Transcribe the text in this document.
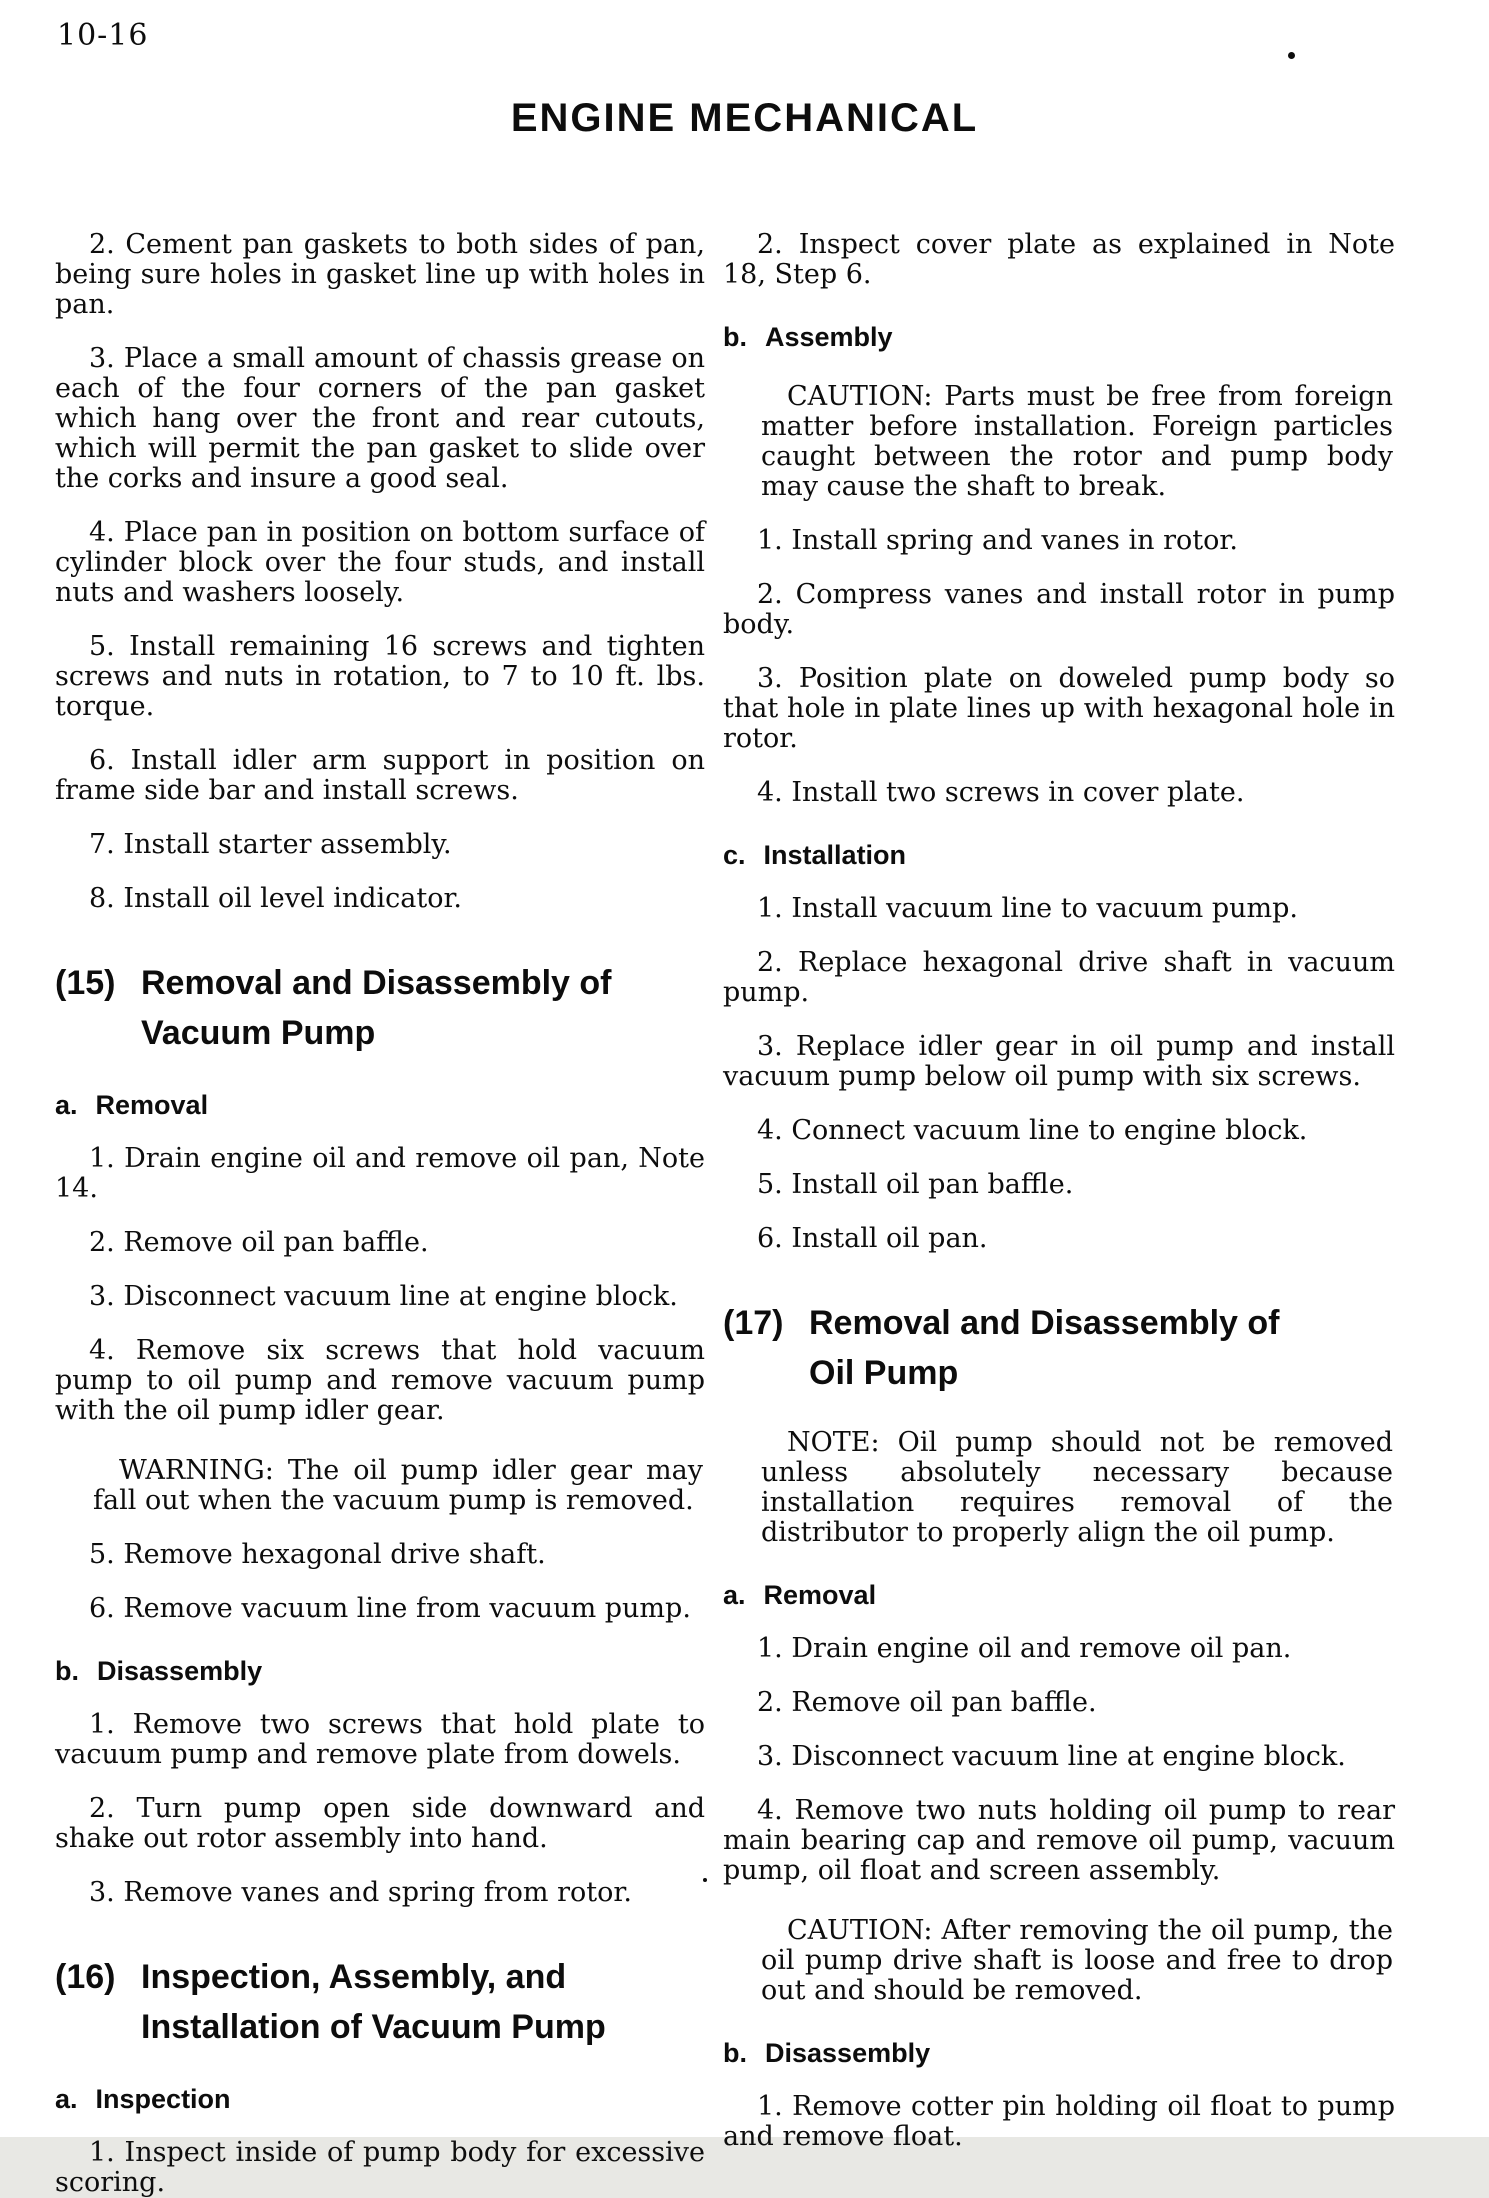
10-16
ENGINE MECHANICAL

2. Cement pan gaskets to both sides of pan, being sure holes in gasket line up with holes in pan.

3. Place a small amount of chassis grease on each of the four corners of the pan gasket which hang over the front and rear cutouts, which will permit the pan gasket to slide over the corks and insure a good seal.

4. Place pan in position on bottom surface of cylinder block over the four studs, and install nuts and washers loosely.

5. Install remaining 16 screws and tighten screws and nuts in rotation, to 7 to 10 ft. lbs. torque.

6. Install idler arm support in position on frame side bar and install screws.

7. Install starter assembly.

8. Install oil level indicator.

(15) Removal and Disassembly of
Vacuum Pump
a. Removal

1. Drain engine oil and remove oil pan, Note 14.

2. Remove oil pan baffle.

3. Disconnect vacuum line at engine block.

4. Remove six screws that hold vacuum pump to oil pump and remove vacuum pump with the oil pump idler gear.

WARNING: The oil pump idler gear may fall out when the vacuum pump is removed.

5. Remove hexagonal drive shaft.

6. Remove vacuum line from vacuum pump.

b. Disassembly

1. Remove two screws that hold plate to vacuum pump and remove plate from dowels.

2. Turn pump open side downward and shake out rotor assembly into hand.

3. Remove vanes and spring from rotor.

(16) Inspection, Assembly, and
Installation of Vacuum Pump
a. Inspection

1. Inspect inside of pump body for excessive scoring.

2. Inspect cover plate as explained in Note 18, Step 6.

b. Assembly

CAUTION: Parts must be free from foreign matter before installation. Foreign particles caught between the rotor and pump body may cause the shaft to break.

1. Install spring and vanes in rotor.

2. Compress vanes and install rotor in pump body.

3. Position plate on doweled pump body so that hole in plate lines up with hexagonal hole in rotor.

4. Install two screws in cover plate.

c. Installation

1. Install vacuum line to vacuum pump.

2. Replace hexagonal drive shaft in vacuum pump.

3. Replace idler gear in oil pump and install vacuum pump below oil pump with six screws.

4. Connect vacuum line to engine block.

5. Install oil pan baffle.

6. Install oil pan.

(17) Removal and Disassembly of
Oil Pump

NOTE: Oil pump should not be removed unless absolutely necessary because installation requires removal of the distributor to properly align the oil pump.

a. Removal

1. Drain engine oil and remove oil pan.

2. Remove oil pan baffle.

3. Disconnect vacuum line at engine block.

4. Remove two nuts holding oil pump to rear main bearing cap and remove oil pump, vacuum pump, oil float and screen assembly.

CAUTION: After removing the oil pump, the oil pump drive shaft is loose and free to drop out and should be removed.

b. Disassembly

1. Remove cotter pin holding oil float to pump and remove float.
